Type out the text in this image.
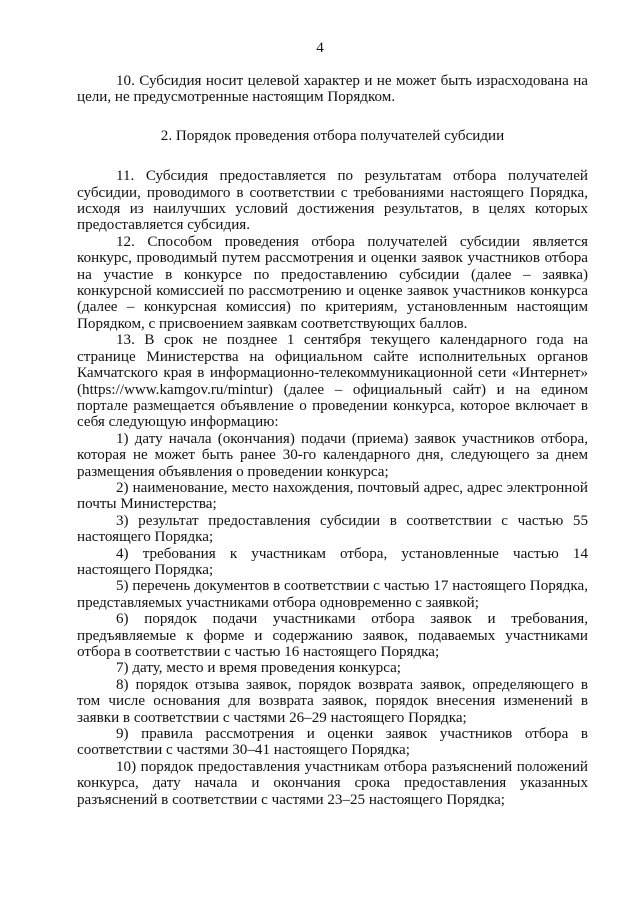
4

10. Субсидия носит целевой характер и не может быть израсходована на цели, не предусмотренные настоящим Порядком.

2. Порядок проведения отбора получателей субсидии

11. Субсидия предоставляется по результатам отбора получателей субсидии, проводимого в соответствии с требованиями настоящего Порядка, исходя из наилучших условий достижения результатов, в целях которых предоставляется субсидия.

12. Способом проведения отбора получателей субсидии является конкурс, проводимый путем рассмотрения и оценки заявок участников отбора на участие в конкурсе по предоставлению субсидии (далее – заявка) конкурсной комиссией по рассмотрению и оценке заявок участников конкурса (далее – конкурсная комиссия) по критериям, установленным настоящим Порядком, с присвоением заявкам соответствующих баллов.

13. В срок не позднее 1 сентября текущего календарного года на странице Министерства на официальном сайте исполнительных органов Камчатского края в информационно-телекоммуникационной сети «Интернет» (https://www.kamgov.ru/mintur) (далее – официальный сайт) и на едином портале размещается объявление о проведении конкурса, которое включает в себя следующую информацию:

1) дату начала (окончания) подачи (приема) заявок участников отбора, которая не может быть ранее 30-го календарного дня, следующего за днем размещения объявления о проведении конкурса;

2) наименование, место нахождения, почтовый адрес, адрес электронной почты Министерства;

3) результат предоставления субсидии в соответствии с частью 55 настоящего Порядка;

4) требования к участникам отбора, установленные частью 14 настоящего Порядка;

5) перечень документов в соответствии с частью 17 настоящего Порядка, представляемых участниками отбора одновременно с заявкой;

6) порядок подачи участниками отбора заявок и требования, предъявляемые к форме и содержанию заявок, подаваемых участниками отбора в соответствии с частью 16 настоящего Порядка;

7) дату, место и время проведения конкурса;

8) порядок отзыва заявок, порядок возврата заявок, определяющего в том числе основания для возврата заявок, порядок внесения изменений в заявки в соответствии с частями 26–29 настоящего Порядка;

9) правила рассмотрения и оценки заявок участников отбора в соответствии с частями 30–41 настоящего Порядка;

10) порядок предоставления участникам отбора разъяснений положений конкурса, дату начала и окончания срока предоставления указанных разъяснений в соответствии с частями 23–25 настоящего Порядка;
